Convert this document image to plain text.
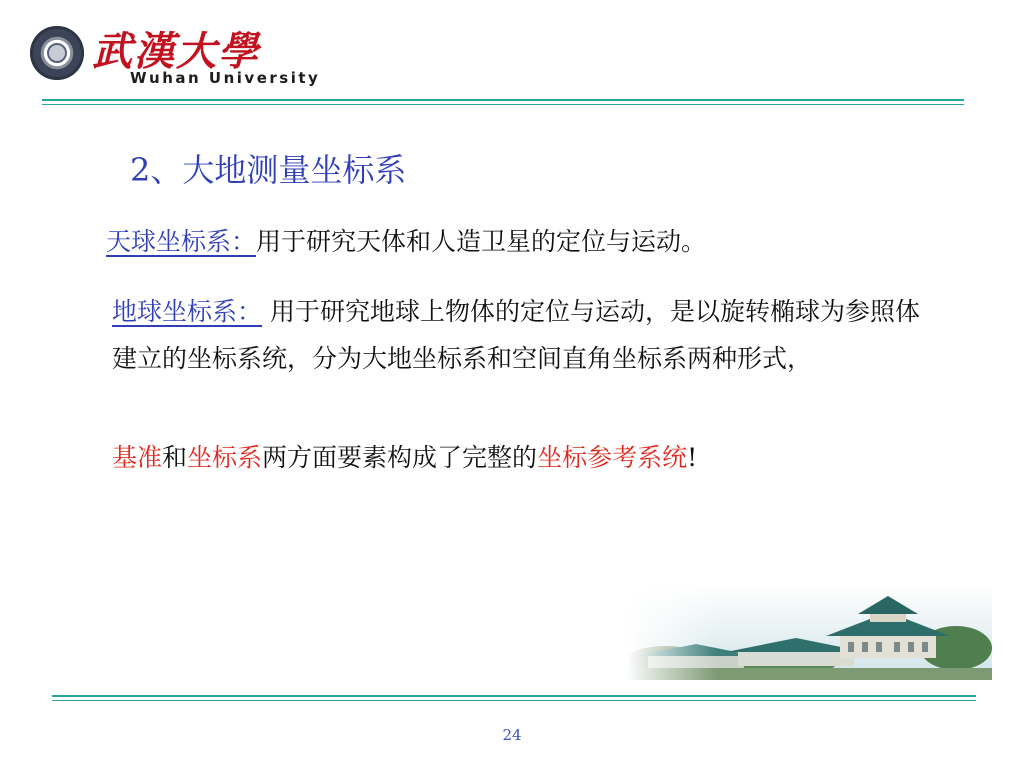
武漢大學
Wuhan University
2、大地测量坐标系
天球坐标系：用于研究天体和人造卫星的定位与运动。
地球坐标系： 用于研究地球上物体的定位与运动，是以旋转椭球为参照体建立的坐标系统，分为大地坐标系和空间直角坐标系两种形式，
基准和坐标系两方面要素构成了完整的坐标参考系统!
24
